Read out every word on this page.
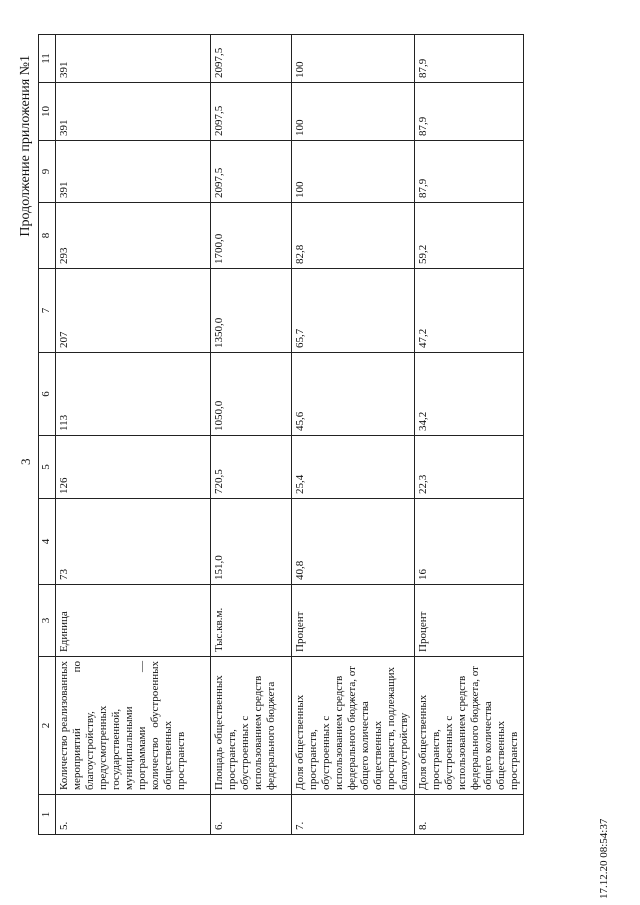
3
Продолжение приложения №1
1	2	3	4	5	6	7	8	9	10	11
5.	Количество реализованных мероприятий по благоустройству, предусмотренных государственной, муниципальными программами — количество обустроенных общественных пространств	Единица	73	126	113	207	293	391	391	391
6.	Площадь общественных пространств, обустроенных с использованием средств федерального бюджета	Тыс.кв.м.	151,0	720,5	1050,0	1350,0	1700,0	2097,5	2097,5	2097,5
7.	Доля общественных пространств, обустроенных с использованием средств федерального бюджета, от общего количества общественных пространств, подлежащих благоустройству	Процент	40,8	25,4	45,6	65,7	82,8	100	100	100
8.	Доля общественных пространств, обустроенных с использованием средств федерального бюджета, от общего количества общественных пространств	Процент	16	22,3	34,2	47,2	59,2	87,9	87,9	87,9
17.12.20 08:54:37
